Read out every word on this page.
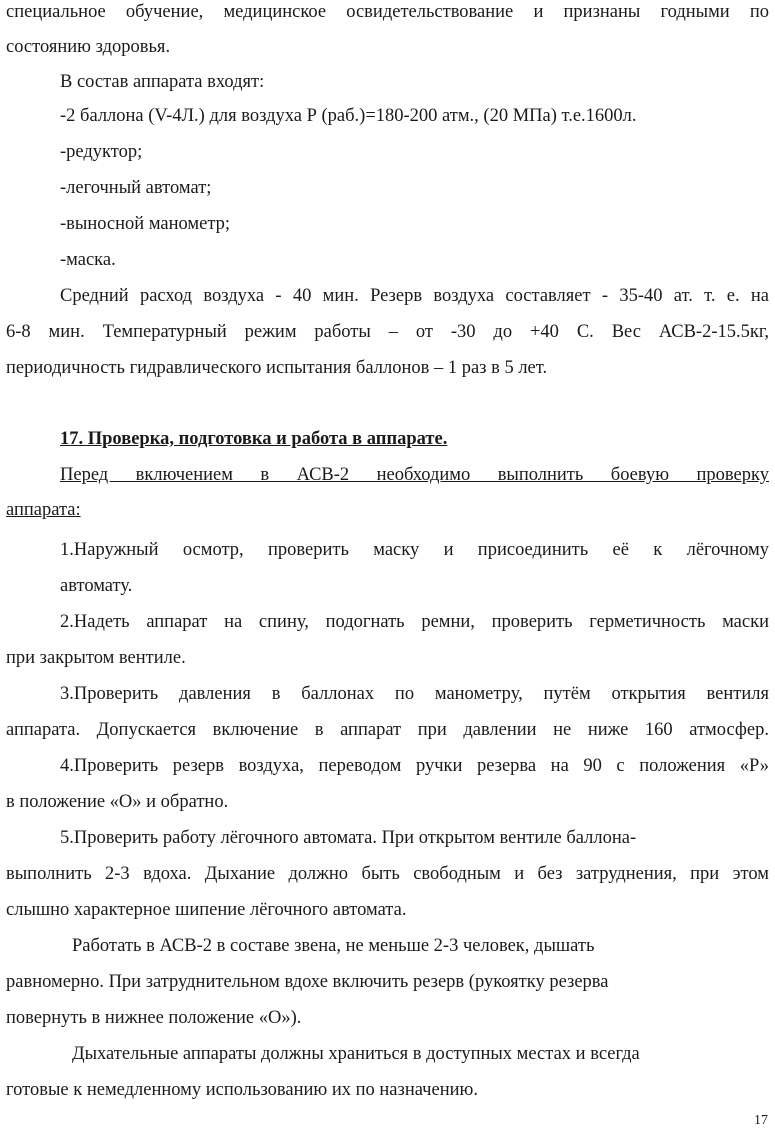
специальное обучение, медицинское освидетельствование и признаны годными по
состоянию здоровья.
В состав аппарата входят:
-2 баллона (V-4Л.) для воздуха Р (раб.)=180-200 атм., (20 МПа) т.е.1600л.
-редуктор;
-легочный автомат;
-выносной манометр;
-маска.
Средний расход воздуха - 40 мин. Резерв воздуха составляет - 35-40 ат. т. е. на
6-8 мин. Температурный режим работы – от -30 до +40 С. Вес АСВ-2-15.5кг,
периодичность гидравлического испытания баллонов – 1 раз в 5 лет.
17. Проверка, подготовка и работа в аппарате.
Перед включением в АСВ-2 необходимо выполнить боевую проверку
аппарата:
1.Наружный осмотр, проверить маску и присоединить её к лёгочному
автомату.
2.Надеть аппарат на спину, подогнать ремни, проверить герметичность маски
при закрытом вентиле.
3.Проверить давления в баллонах по манометру, путём открытия вентиля
аппарата. Допускается включение в аппарат при давлении не ниже 160 атмосфер.
4.Проверить резерв воздуха, переводом ручки резерва на 90 с положения «Р»
в положение «О» и обратно.
5.Проверить работу лёгочного автомата. При открытом вентиле баллона-
выполнить 2-3 вдоха. Дыхание должно быть свободным и без затруднения, при этом
слышно характерное шипение лёгочного автомата.
Работать в АСВ-2 в составе звена, не меньше 2-3 человек, дышать
равномерно. При затруднительном вдохе включить резерв (рукоятку резерва
повернуть в нижнее положение «О»).
Дыхательные аппараты должны храниться в доступных местах и всегда
готовые к немедленному использованию их по назначению.
17
